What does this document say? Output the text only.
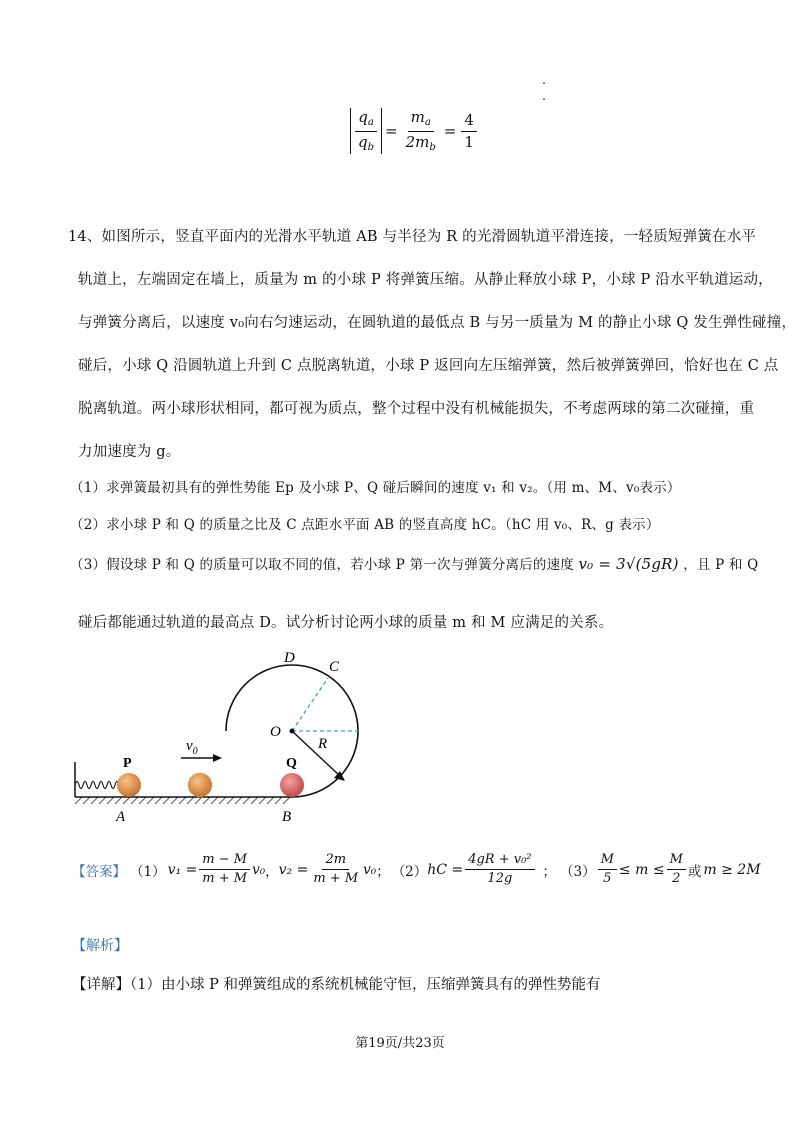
$\frac{q_a}{q_b} = \frac{m_a}{2m_b} = \frac{4}{1}$
14、如图所示，竖直平面内的光滑水平轨道 AB 与半径为 R 的光滑圆轨道平滑连接，一轻质短弹簧在水平
轨道上，左端固定在墙上，质量为 m 的小球 P 将弹簧压缩。从静止释放小球 P，小球 P 沿水平轨道运动，
与弹簧分离后，以速度 v₀向右匀速运动，在圆轨道的最低点 B 与另一质量为 M 的静止小球 Q 发生弹性碰撞，
碰后，小球 Q 沿圆轨道上升到 C 点脱离轨道，小球 P 返回向左压缩弹簧，然后被弹簧弹回，恰好也在 C 点
脱离轨道。两小球形状相同，都可视为质点，整个过程中没有机械能损失，不考虑两球的第二次碰撞，重
力加速度为 g。
（1）求弹簧最初具有的弹性势能 Ep 及小球 P、Q 碰后瞬间的速度 v₁ 和 v₂。（用 m、M、v₀表示）
（2）求小球 P 和 Q 的质量之比及 C 点距水平面 AB 的竖直高度 hC。（hC 用 v₀、R、g 表示）
（3）假设球 P 和 Q 的质量可以取不同的值，若小球 P 第一次与弹簧分离后的速度 v₀ = 3√(5gR) ，且 P 和 Q
碰后都能通过轨道的最高点 D。试分析讨论两小球的质量 m 和 M 应满足的关系。
$v_0$
D
C
O
R
P	Q
A	B
【答案】 （1） $v_1 = \frac{m - M}{m + M} v_0$ ， $v_2 = \frac{2m}{m + M} v_0$ ； （2） hC = $\frac{\text{4gR + v₀²}}{12g}$ ； $(3) \frac{M}{5} \le m \le \frac{M}{2}$ 或 m ≥ 2M
【解析】
【详解】（1）由小球 P 和弹簧组成的系统机械能守恒，压缩弹簧具有的弹性势能有
第19页/共23页
